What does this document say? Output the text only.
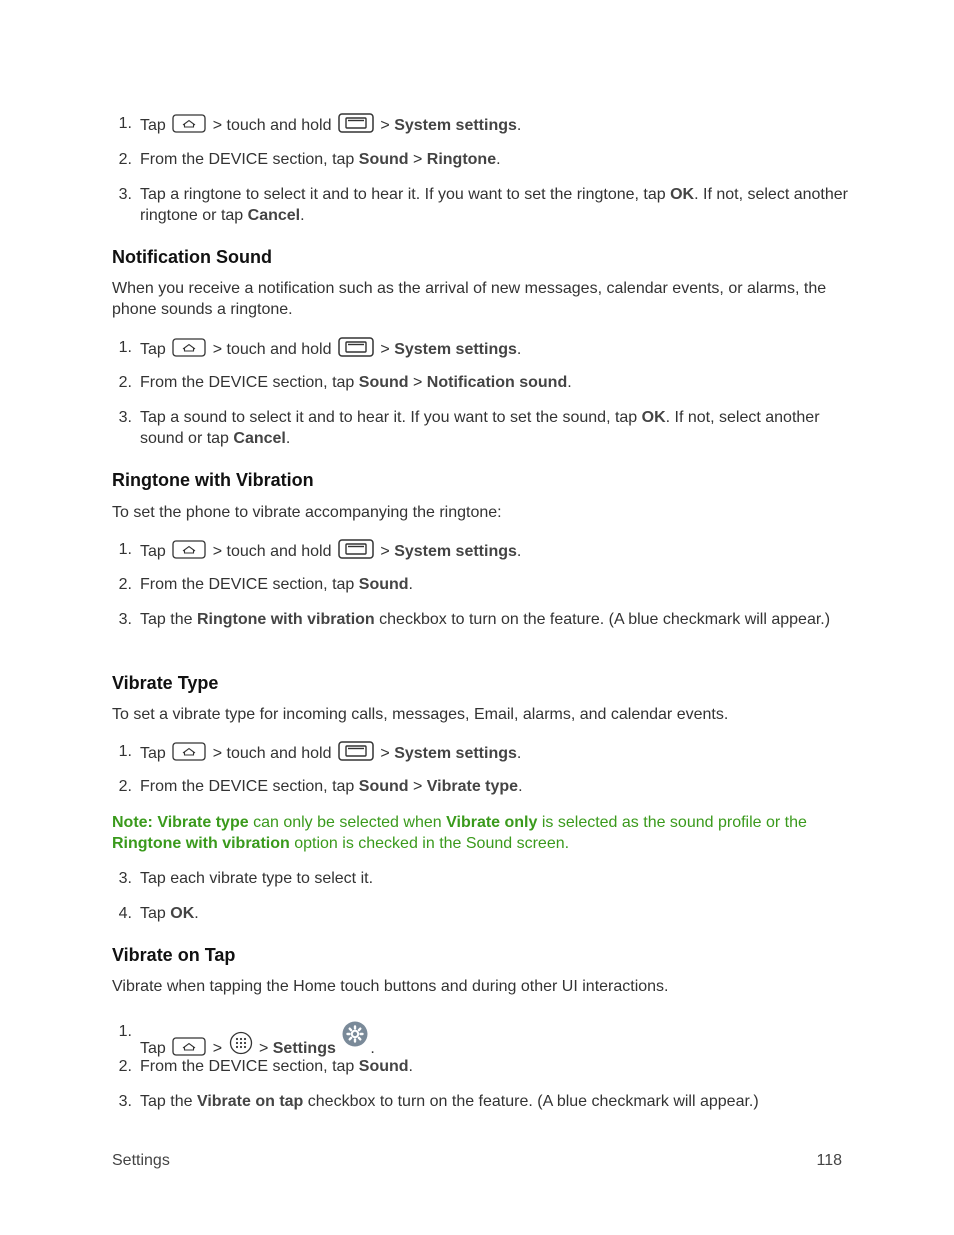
1. Tap	> touch and hold	> System settings.
2. From the DEVICE section, tap Sound > Ringtone.
3. Tap a ringtone to select it and to hear it. If you want to set the ringtone, tap OK. If not, select another ringtone or tap Cancel.
Notification Sound
When you receive a notification such as the arrival of new messages, calendar events, or alarms, the phone sounds a ringtone.
1. Tap	> touch and hold	> System settings.
2. From the DEVICE section, tap Sound > Notification sound.
3. Tap a sound to select it and to hear it. If you want to set the sound, tap OK. If not, select another sound or tap Cancel.
Ringtone with Vibration
To set the phone to vibrate accompanying the ringtone:
1. Tap	> touch and hold	> System settings.
2. From the DEVICE section, tap Sound.
3. Tap the Ringtone with vibration checkbox to turn on the feature. (A blue checkmark will appear.)
Vibrate Type
To set a vibrate type for incoming calls, messages, Email, alarms, and calendar events.
1. Tap	> touch and hold	> System settings.
2. From the DEVICE section, tap Sound > Vibrate type.
Note: Vibrate type can only be selected when Vibrate only is selected as the sound profile or the Ringtone with vibration option is checked in the Sound screen.
3. Tap each vibrate type to select it.
4. Tap OK.
Vibrate on Tap
Vibrate when tapping the Home touch buttons and during other UI interactions.
1.
Tap	> > Settings .
2. From the DEVICE section, tap Sound.
3. Tap the Vibrate on tap checkbox to turn on the feature. (A blue checkmark will appear.)
Settings	118
